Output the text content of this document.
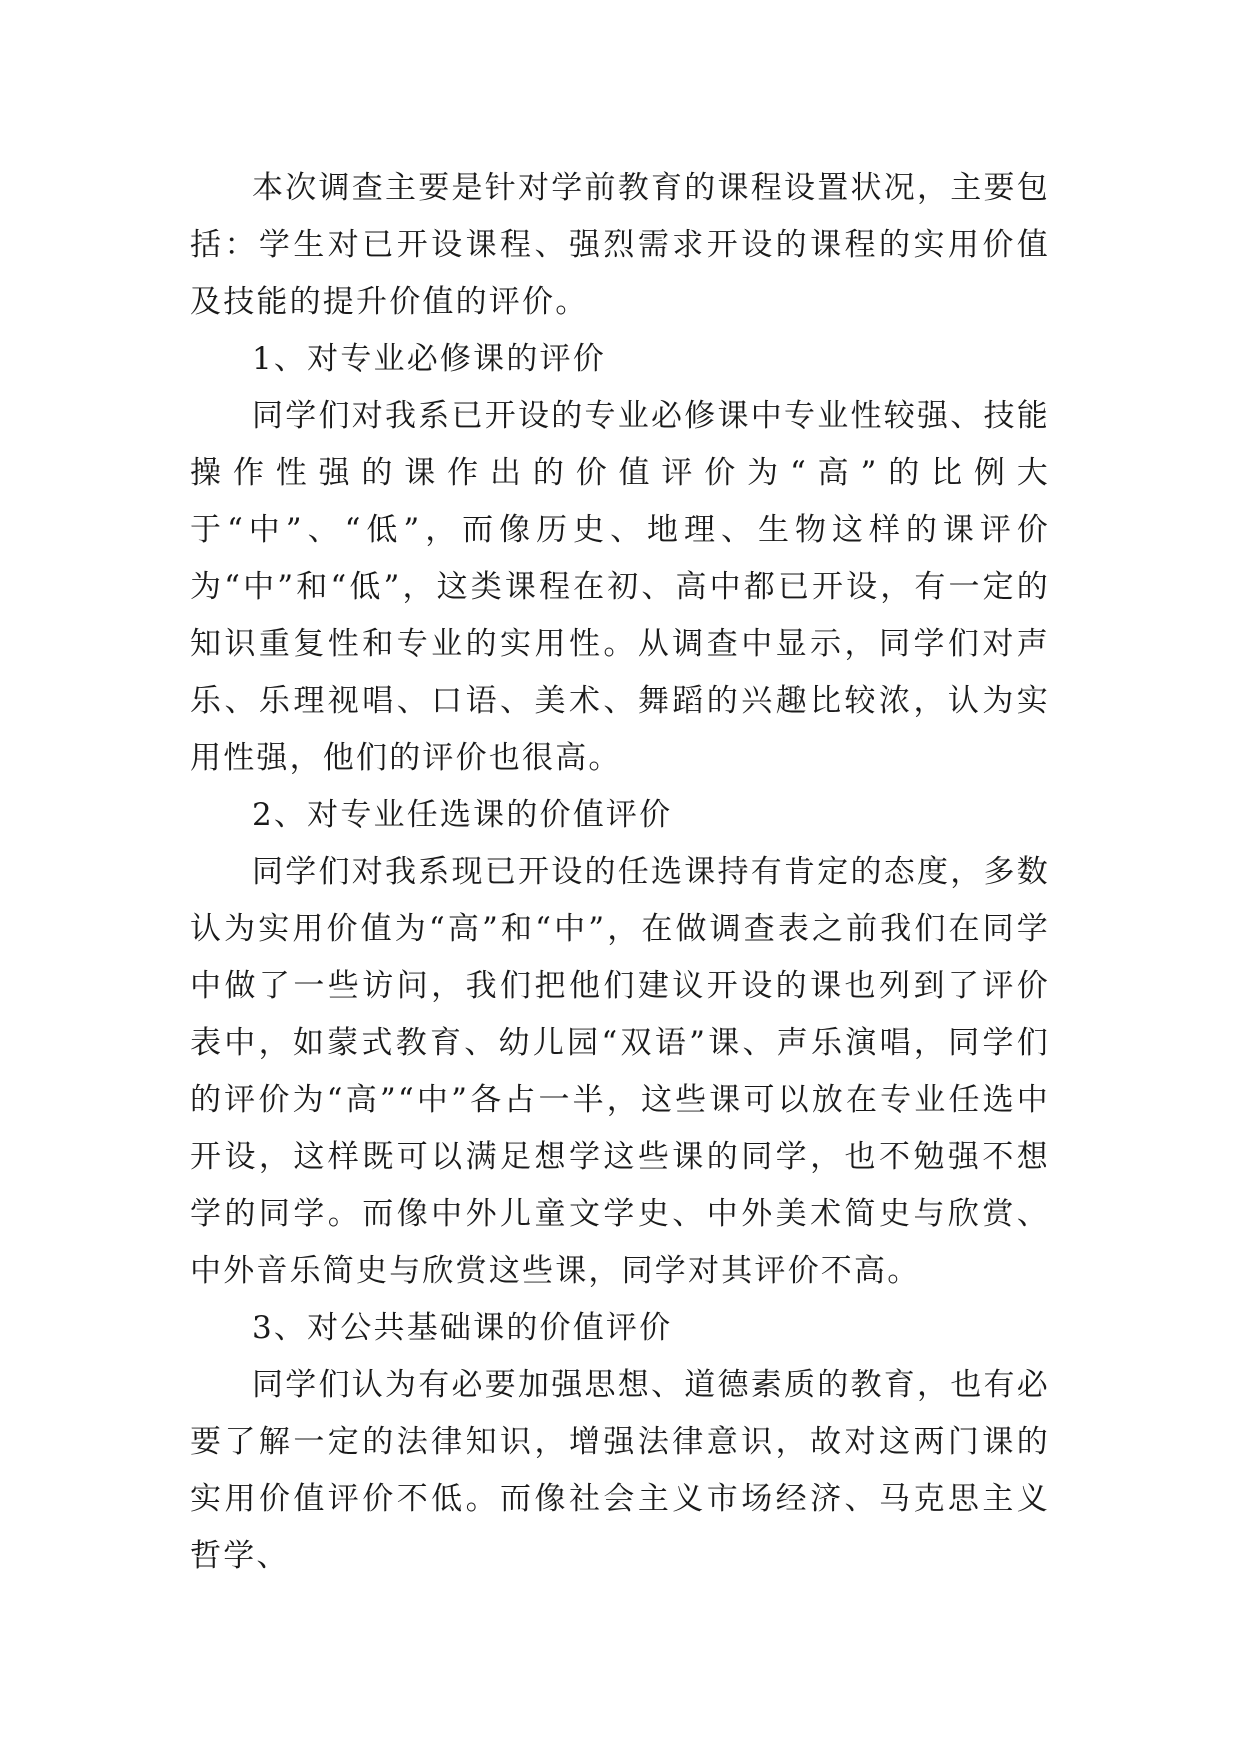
本次调查主要是针对学前教育的课程设置状况，主要包括：学生对已开设课程、强烈需求开设的课程的实用价值及技能的提升价值的评价。

1、对专业必修课的评价

同学们对我系已开设的专业必修课中专业性较强、技能操作性强的课作出的价值评价为“高”的比例大于“中”、“低”，而像历史、地理、生物这样的课评价为“中”和“低”，这类课程在初、高中都已开设，有一定的知识重复性和专业的实用性。从调查中显示，同学们对声乐、乐理视唱、口语、美术、舞蹈的兴趣比较浓，认为实用性强，他们的评价也很高。

2、对专业任选课的价值评价

同学们对我系现已开设的任选课持有肯定的态度，多数认为实用价值为“高”和“中”，在做调查表之前我们在同学中做了一些访问，我们把他们建议开设的课也列到了评价表中，如蒙式教育、幼儿园“双语”课、声乐演唱，同学们的评价为“高”“中”各占一半，这些课可以放在专业任选中开设，这样既可以满足想学这些课的同学，也不勉强不想学的同学。而像中外儿童文学史、中外美术简史与欣赏、中外音乐简史与欣赏这些课，同学对其评价不高。

3、对公共基础课的价值评价

同学们认为有必要加强思想、道德素质的教育，也有必要了解一定的法律知识，增强法律意识，故对这两门课的实用价值评价不低。而像社会主义市场经济、马克思主义哲学、
